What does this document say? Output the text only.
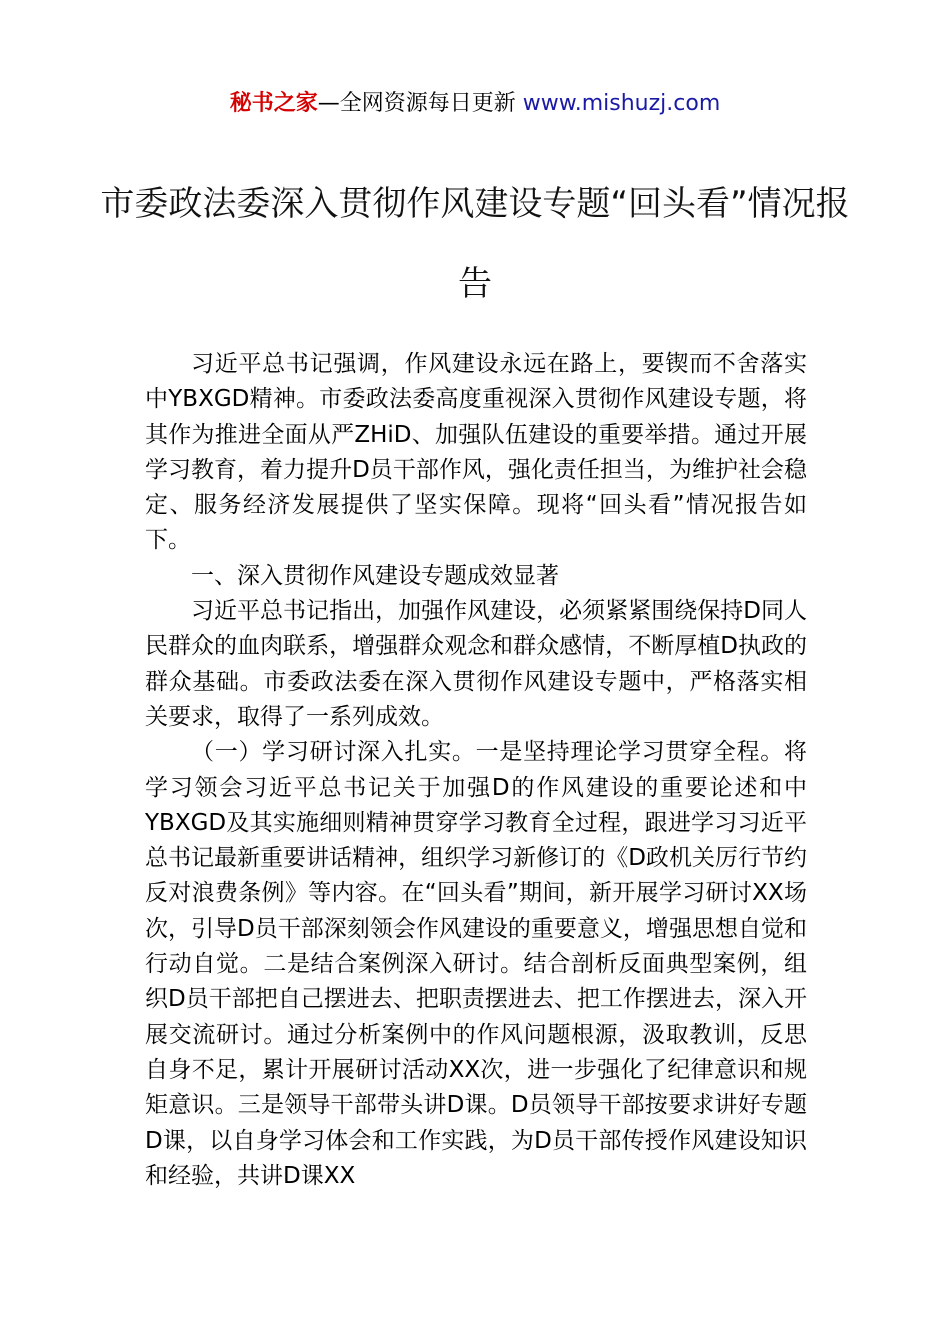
秘书之家—全网资源每日更新 www.mishuzj.com
市委政法委深入贯彻作风建设专题“回头看”情况报告

习近平总书记强调，作风建设永远在路上，要锲而不舍落实中YBXGD精神。市委政法委高度重视深入贯彻作风建设专题，将其作为推进全面从严ZHiD、加强队伍建设的重要举措。通过开展学习教育，着力提升D员干部作风，强化责任担当，为维护社会稳定、服务经济发展提供了坚实保障。现将“回头看”情况报告如下。

一、深入贯彻作风建设专题成效显著

习近平总书记指出，加强作风建设，必须紧紧围绕保持D同人民群众的血肉联系，增强群众观念和群众感情，不断厚植D执政的群众基础。市委政法委在深入贯彻作风建设专题中，严格落实相关要求，取得了一系列成效。

（一）学习研讨深入扎实。一是坚持理论学习贯穿全程。将学习领会习近平总书记关于加强D的作风建设的重要论述和中YBXGD及其实施细则精神贯穿学习教育全过程，跟进学习习近平总书记最新重要讲话精神，组织学习新修订的《D政机关厉行节约反对浪费条例》等内容。在“回头看”期间，新开展学习研讨XX场次，引导D员干部深刻领会作风建设的重要意义，增强思想自觉和行动自觉。二是结合案例深入研讨。结合剖析反面典型案例，组织D员干部把自己摆进去、把职责摆进去、把工作摆进去，深入开展交流研讨。通过分析案例中的作风问题根源，汲取教训，反思自身不足，累计开展研讨活动XX次，进一步强化了纪律意识和规矩意识。三是领导干部带头讲D课。D员领导干部按要求讲好专题D课，以自身学习体会和工作实践，为D员干部传授作风建设知识和经验，共讲D课XX
